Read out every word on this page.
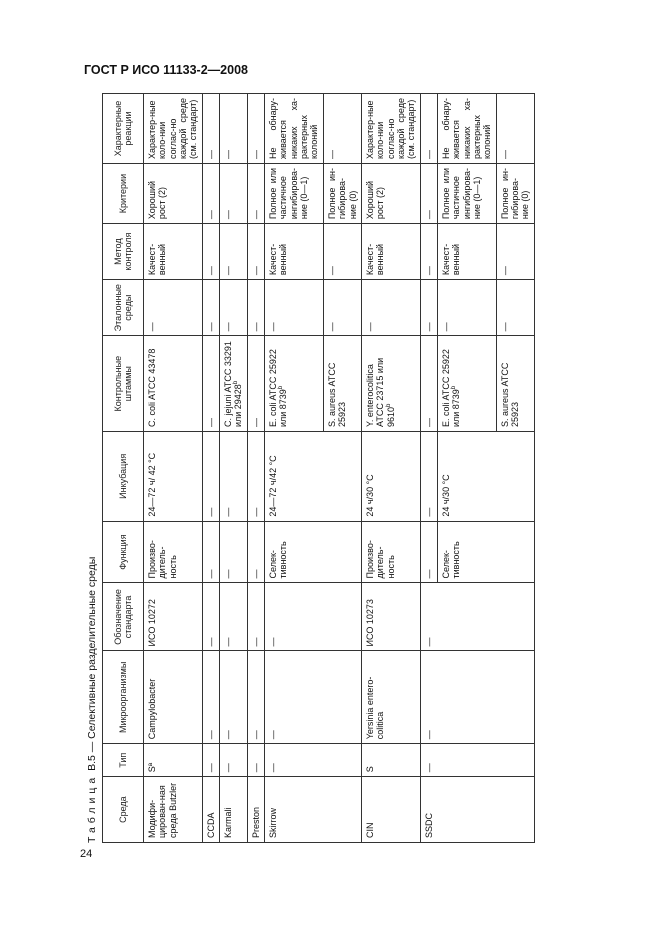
ГОСТ Р ИСО 11133-2—2008
Таблица В.5 — Селективные разделительные среды
Среда	Тип	Микроорганизмы	Обозначение стандарта	Функция	Инкубация	Контрольные штаммы	Эталонные среды	Метод контроля	Критерии	Характерные реакции
Модифи-цирован-ная среда Butzler	Sª	Campylobacter	ИСО 10272	Произво-дитель-ность	24—72 ч/ 42 °С	C. coli ATCC 43478	—	Качест-венный	Хороший рост (2)	Характер-ные коло-нии соглас-но каждой среде (см. стандарт)
CCDA	—	—	—	—	—	—	—	—	—	—
Karmali	—	—	—	—	—	C. jejuni ATCC 33291 или 29428$^b$	—	—	—	—
Preston	—	—	—	—	—	—	—	—	—	—
Skirrow	—	—	—	Селек-тивность	24—72 ч/42 °С	E. coli ATCC 25922 или 8739$^b$	—	Качест-венный	Полное или частичное ингибирова-ние (0—1)	Не обнару-живается никаких ха-рактерных колоний
						S. aureus ATCC 25923	—	—	Полное ин-гибирова-ние (0)	—
CIN	S	Yersinia entero-colitica	ИСО 10273	Произво-дитель-ность	24 ч/30 °С	Y. enterocolitica ATCC 23715 или 9610$^b$	—	Качест-венный	Хороший рост (2)	Характер-ные коло-нии соглас-но каждой среде (см. стандарт)
SSDC	—	—	—	—	—	—	—	—	—	—
				Селек-тивность	24 ч/30 °С	E. coli ATCC 25922 или 8739$^b$	—	Качест-венный	Полное или частичное ингибирова-ние (0—1)	Не обнару-живается никаких ха-рактерных колоний
						S. aureus ATCC 25923	—	—	Полное ин-гибирова-ние (0)	—
24
